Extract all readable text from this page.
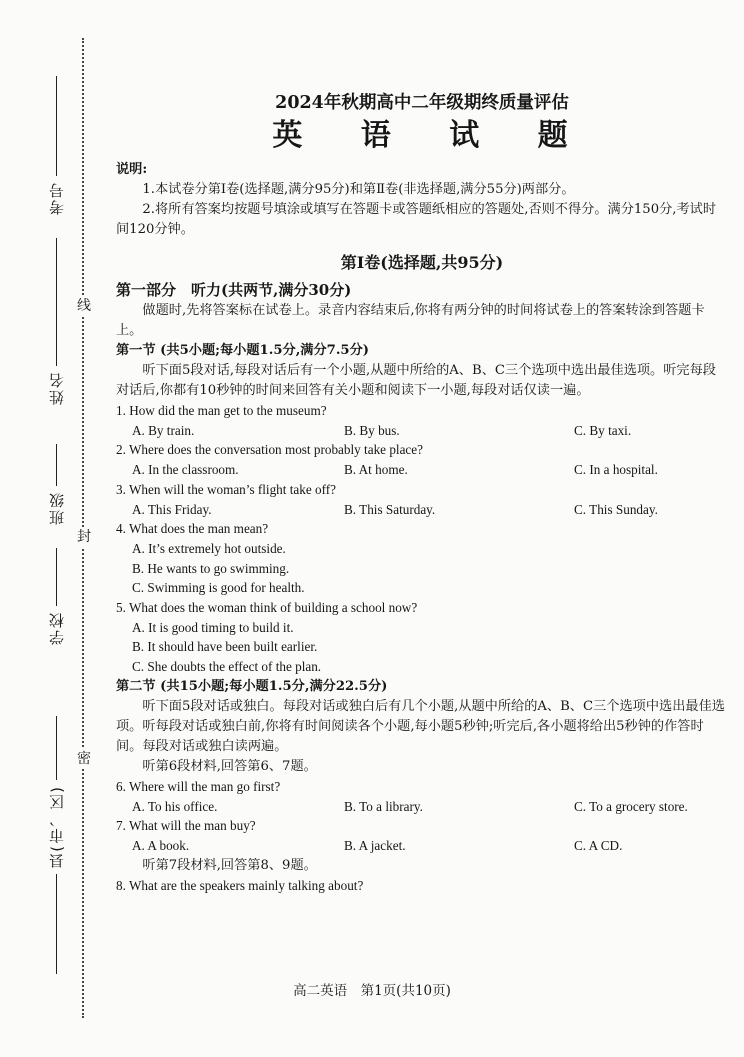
线
封
密
考号
姓名
班级
学校
县(市、区)
2024年秋期高中二年级期终质量评估
英 语 试 题

说明:

1.本试卷分第Ⅰ卷(选择题,满分95分)和第Ⅱ卷(非选择题,满分55分)两部分。

2.将所有答案均按题号填涂或填写在答题卡或答题纸相应的答题处,否则不得分。满分150分,考试时间120分钟。

第Ⅰ卷(选择题,共95分)

第一部分　听力(共两节,满分30分)

做题时,先将答案标在试卷上。录音内容结束后,你将有两分钟的时间将试卷上的答案转涂到答题卡上。

第一节 (共5小题;每小题1.5分,满分7.5分)

听下面5段对话,每段对话后有一个小题,从题中所给的A、B、C三个选项中选出最佳选项。听完每段对话后,你都有10秒钟的时间来回答有关小题和阅读下一小题,每段对话仅读一遍。

1. How did the man get to the museum?

A. By train.	B. By bus.	C. By taxi.

2. Where does the conversation most probably take place?

A. In the classroom.	B. At home.	C. In a hospital.

3. When will the woman’s flight take off?

A. This Friday.	B. This Saturday.	C. This Sunday.

4. What does the man mean?

A. It’s extremely hot outside.

B. He wants to go swimming.

C. Swimming is good for health.

5. What does the woman think of building a school now?

A. It is good timing to build it.

B. It should have been built earlier.

C. She doubts the effect of the plan.

第二节 (共15小题;每小题1.5分,满分22.5分)

听下面5段对话或独白。每段对话或独白后有几个小题,从题中所给的A、B、C三个选项中选出最佳选项。听每段对话或独白前,你将有时间阅读各个小题,每小题5秒钟;听完后,各小题将给出5秒钟的作答时间。每段对话或独白读两遍。

听第6段材料,回答第6、7题。

6. Where will the man go first?

A. To his office.	B. To a library.	C. To a grocery store.

7. What will the man buy?

A. A book.	B. A jacket.	C. A CD.

听第7段材料,回答第8、9题。

8. What are the speakers mainly talking about?

高二英语　第1页(共10页)
